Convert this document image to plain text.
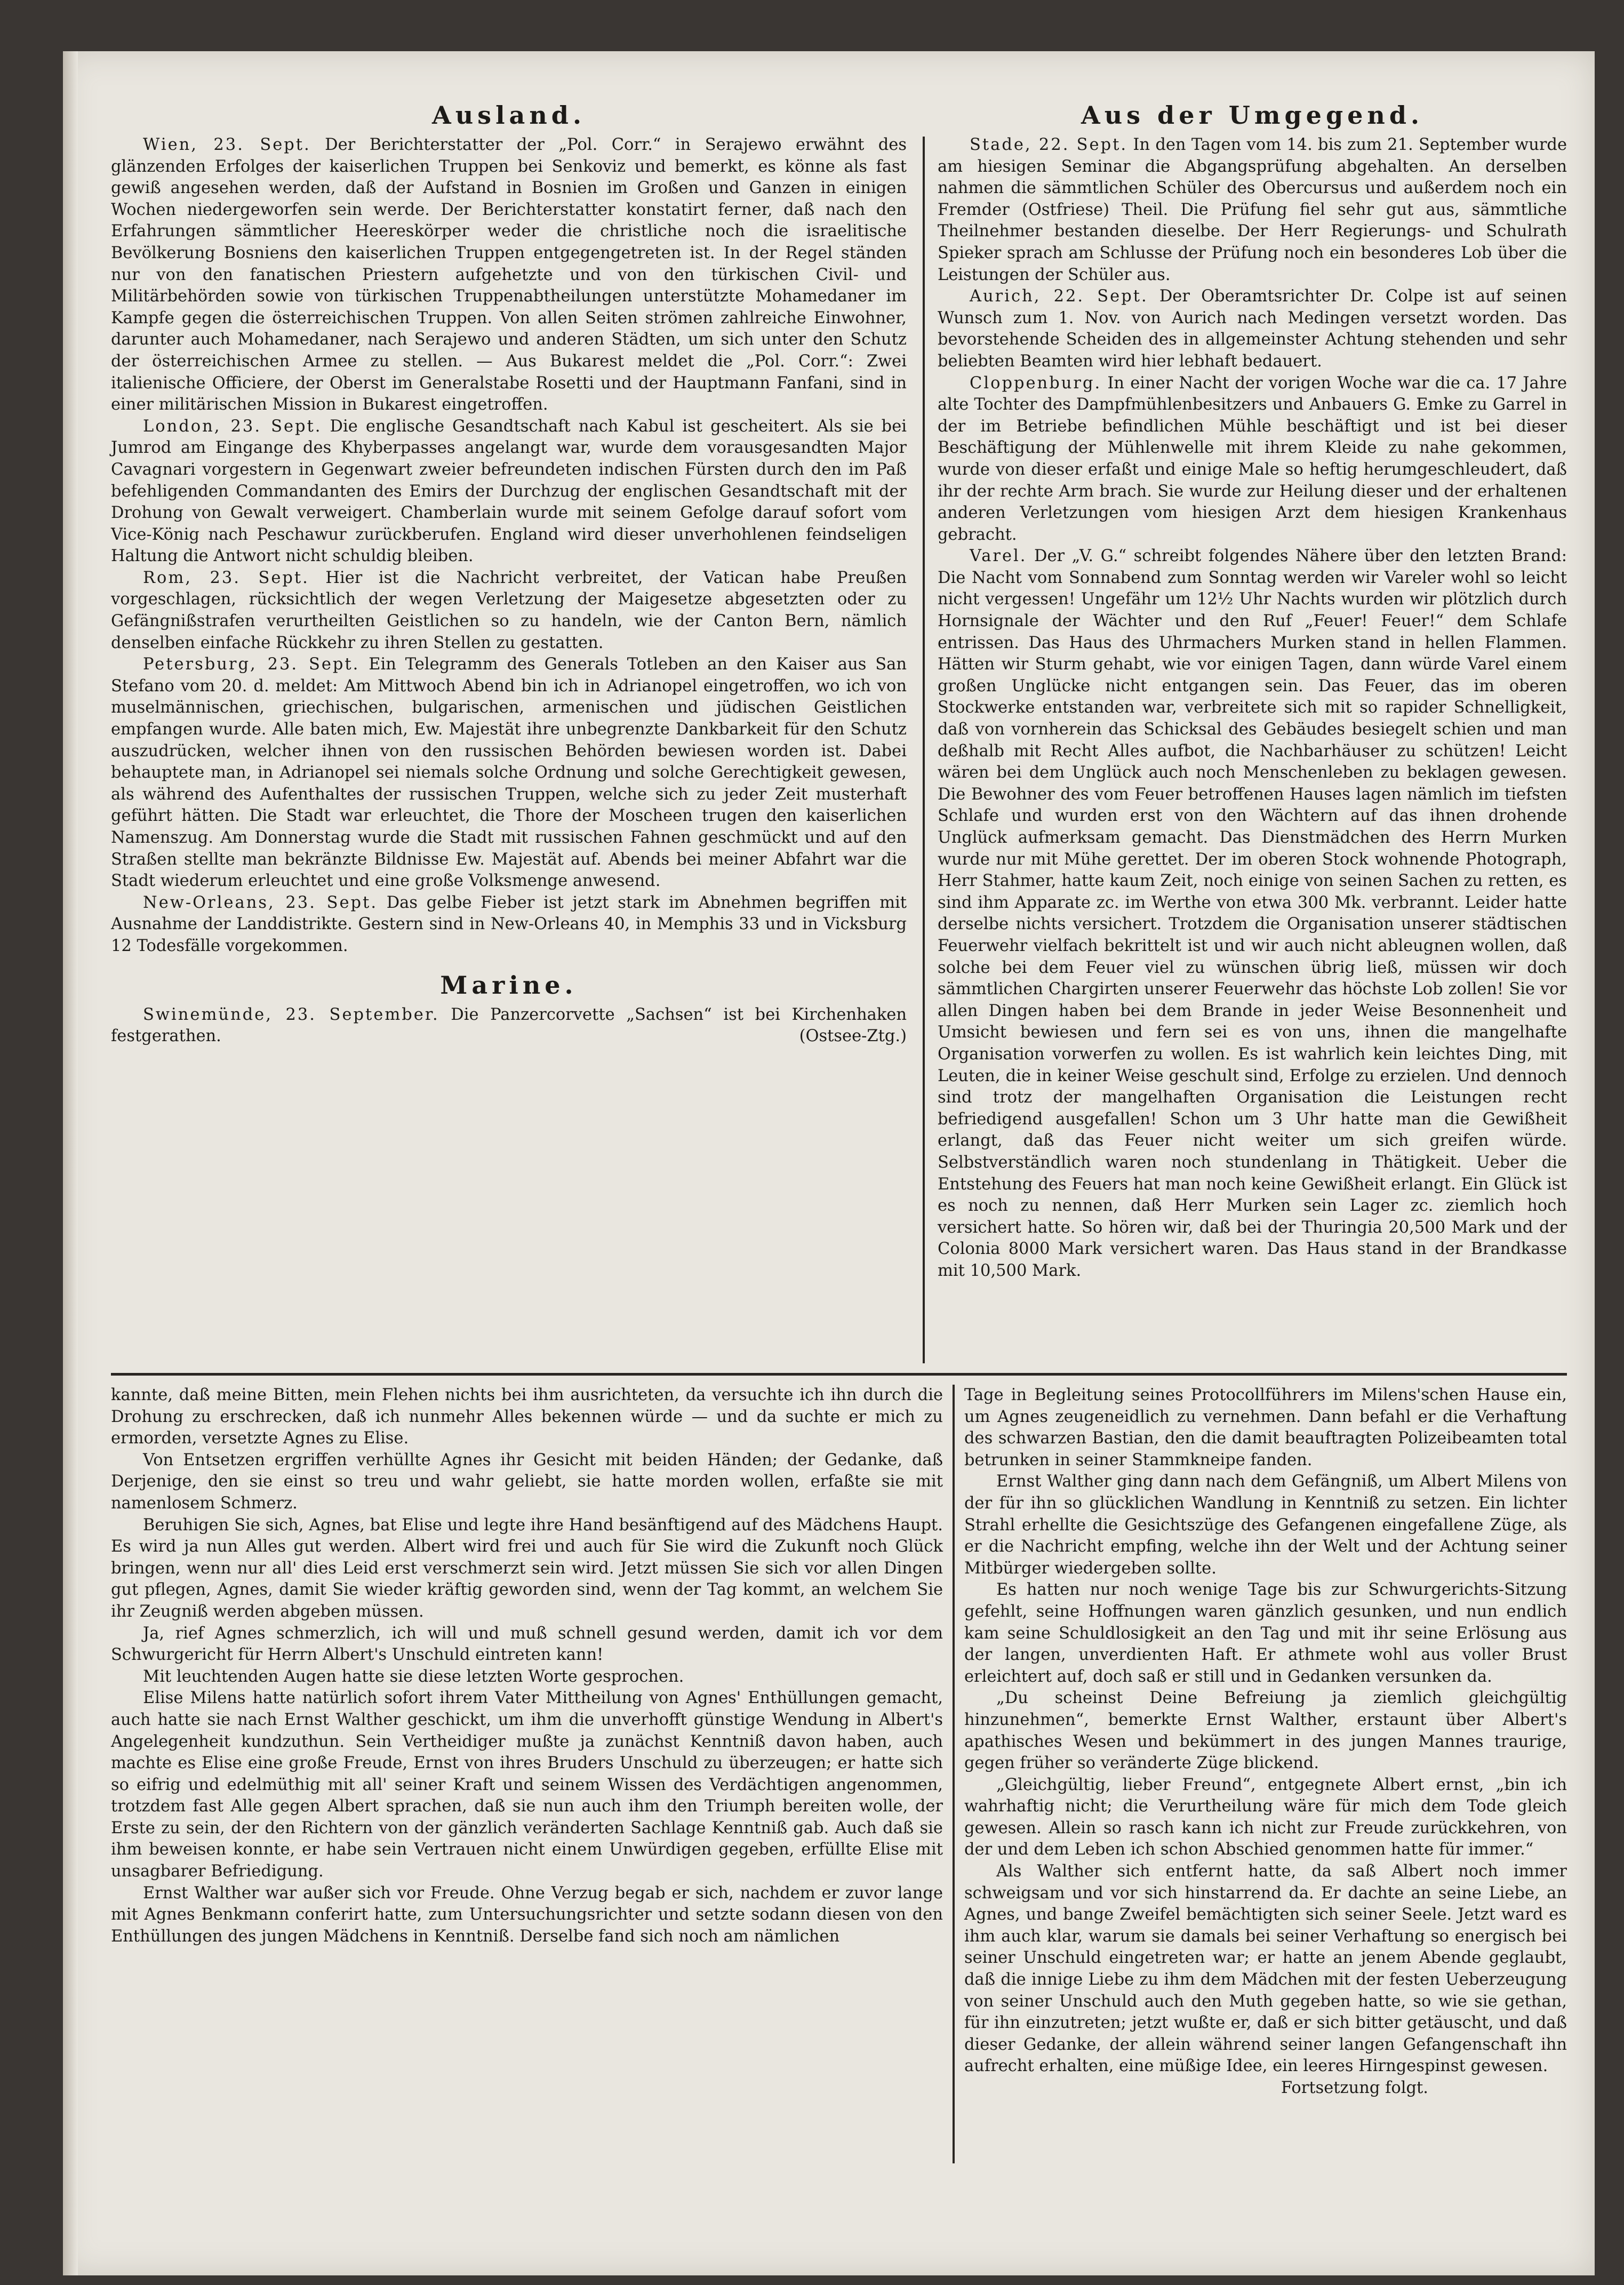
Ausland.

Wien, 23. Sept. Der Berichterstatter der „Pol. Corr.“ in Serajewo erwähnt des glänzenden Erfolges der kaiserlichen Truppen bei Senkoviz und bemerkt, es könne als fast gewiß angesehen werden, daß der Aufstand in Bosnien im Großen und Ganzen in einigen Wochen niedergeworfen sein werde. Der Berichterstatter konstatirt ferner, daß nach den Erfahrungen sämmtlicher Heereskörper weder die christliche noch die israelitische Bevölkerung Bosniens den kaiserlichen Truppen entgegengetreten ist. In der Regel ständen nur von den fanatischen Priestern aufgehetzte und von den türkischen Civil- und Militärbehörden sowie von türkischen Truppenabtheilungen unterstützte Mohamedaner im Kampfe gegen die österreichischen Truppen. Von allen Seiten strömen zahlreiche Einwohner, darunter auch Mohamedaner, nach Serajewo und anderen Städten, um sich unter den Schutz der österreichischen Armee zu stellen. — Aus Bukarest meldet die „Pol. Corr.“: Zwei italienische Officiere, der Oberst im Generalstabe Rosetti und der Hauptmann Fanfani, sind in einer militärischen Mission in Bukarest eingetroffen.

London, 23. Sept. Die englische Gesandtschaft nach Kabul ist gescheitert. Als sie bei Jumrod am Eingange des Khyberpasses angelangt war, wurde dem vorausgesandten Major Cavagnari vorgestern in Gegenwart zweier befreundeten indischen Fürsten durch den im Paß befehligenden Commandanten des Emirs der Durchzug der englischen Gesandtschaft mit der Drohung von Gewalt verweigert. Chamberlain wurde mit seinem Gefolge darauf sofort vom Vice-König nach Peschawur zurückberufen. England wird dieser unverhohlenen feindseligen Haltung die Antwort nicht schuldig bleiben.

Rom, 23. Sept. Hier ist die Nachricht verbreitet, der Vatican habe Preußen vorgeschlagen, rücksichtlich der wegen Verletzung der Maigesetze abgesetzten oder zu Gefängnißstrafen verurtheilten Geistlichen so zu handeln, wie der Canton Bern, nämlich denselben einfache Rückkehr zu ihren Stellen zu gestatten.

Petersburg, 23. Sept. Ein Telegramm des Generals Totleben an den Kaiser aus San Stefano vom 20. d. meldet: Am Mittwoch Abend bin ich in Adrianopel eingetroffen, wo ich von muselmännischen, griechischen, bulgarischen, armenischen und jüdischen Geistlichen empfangen wurde. Alle baten mich, Ew. Majestät ihre unbegrenzte Dankbarkeit für den Schutz auszudrücken, welcher ihnen von den russischen Behörden bewiesen worden ist. Dabei behauptete man, in Adrianopel sei niemals solche Ordnung und solche Gerechtigkeit gewesen, als während des Aufenthaltes der russischen Truppen, welche sich zu jeder Zeit musterhaft geführt hätten. Die Stadt war erleuchtet, die Thore der Moscheen trugen den kaiserlichen Namenszug. Am Donnerstag wurde die Stadt mit russischen Fahnen geschmückt und auf den Straßen stellte man bekränzte Bildnisse Ew. Majestät auf. Abends bei meiner Abfahrt war die Stadt wiederum erleuchtet und eine große Volksmenge anwesend.

New-Orleans, 23. Sept. Das gelbe Fieber ist jetzt stark im Abnehmen begriffen mit Ausnahme der Landdistrikte. Gestern sind in New-Orleans 40, in Memphis 33 und in Vicksburg 12 Todesfälle vorgekommen.

Marine.

Swinemünde, 23. September. Die Panzercorvette „Sachsen“ ist bei Kirchenhaken festgerathen.	(Ostsee-Ztg.)

Aus der Umgegend.

Stade, 22. Sept. In den Tagen vom 14. bis zum 21. September wurde am hiesigen Seminar die Abgangsprüfung abgehalten. An derselben nahmen die sämmtlichen Schüler des Obercursus und außerdem noch ein Fremder (Ostfriese) Theil. Die Prüfung fiel sehr gut aus, sämmtliche Theilnehmer bestanden dieselbe. Der Herr Regierungs- und Schulrath Spieker sprach am Schlusse der Prüfung noch ein besonderes Lob über die Leistungen der Schüler aus.

Aurich, 22. Sept. Der Oberamtsrichter Dr. Colpe ist auf seinen Wunsch zum 1. Nov. von Aurich nach Medingen versetzt worden. Das bevorstehende Scheiden des in allgemeinster Achtung stehenden und sehr beliebten Beamten wird hier lebhaft bedauert.

Cloppenburg. In einer Nacht der vorigen Woche war die ca. 17 Jahre alte Tochter des Dampfmühlenbesitzers und Anbauers G. Emke zu Garrel in der im Betriebe befindlichen Mühle beschäftigt und ist bei dieser Beschäftigung der Mühlenwelle mit ihrem Kleide zu nahe gekommen, wurde von dieser erfaßt und einige Male so heftig herumgeschleudert, daß ihr der rechte Arm brach. Sie wurde zur Heilung dieser und der erhaltenen anderen Verletzungen vom hiesigen Arzt dem hiesigen Krankenhaus gebracht.

Varel. Der „V. G.“ schreibt folgendes Nähere über den letzten Brand: Die Nacht vom Sonnabend zum Sonntag werden wir Vareler wohl so leicht nicht vergessen! Ungefähr um 12½ Uhr Nachts wurden wir plötzlich durch Hornsignale der Wächter und den Ruf „Feuer! Feuer!“ dem Schlafe entrissen. Das Haus des Uhrmachers Murken stand in hellen Flammen. Hätten wir Sturm gehabt, wie vor einigen Tagen, dann würde Varel einem großen Unglücke nicht entgangen sein. Das Feuer, das im oberen Stockwerke entstanden war, verbreitete sich mit so rapider Schnelligkeit, daß von vornherein das Schicksal des Gebäudes besiegelt schien und man deßhalb mit Recht Alles aufbot, die Nachbarhäuser zu schützen! Leicht wären bei dem Unglück auch noch Menschenleben zu beklagen gewesen. Die Bewohner des vom Feuer betroffenen Hauses lagen nämlich im tiefsten Schlafe und wurden erst von den Wächtern auf das ihnen drohende Unglück aufmerksam gemacht. Das Dienstmädchen des Herrn Murken wurde nur mit Mühe gerettet. Der im oberen Stock wohnende Photograph, Herr Stahmer, hatte kaum Zeit, noch einige von seinen Sachen zu retten, es sind ihm Apparate zc. im Werthe von etwa 300 Mk. verbrannt. Leider hatte derselbe nichts versichert. Trotzdem die Organisation unserer städtischen Feuerwehr vielfach bekrittelt ist und wir auch nicht ableugnen wollen, daß solche bei dem Feuer viel zu wünschen übrig ließ, müssen wir doch sämmtlichen Chargirten unserer Feuerwehr das höchste Lob zollen! Sie vor allen Dingen haben bei dem Brande in jeder Weise Besonnenheit und Umsicht bewiesen und fern sei es von uns, ihnen die mangelhafte Organisation vorwerfen zu wollen. Es ist wahrlich kein leichtes Ding, mit Leuten, die in keiner Weise geschult sind, Erfolge zu erzielen. Und dennoch sind trotz der mangelhaften Organisation die Leistungen recht befriedigend ausgefallen! Schon um 3 Uhr hatte man die Gewißheit erlangt, daß das Feuer nicht weiter um sich greifen würde. Selbstverständlich waren noch stundenlang in Thätigkeit. Ueber die Entstehung des Feuers hat man noch keine Gewißheit erlangt. Ein Glück ist es noch zu nennen, daß Herr Murken sein Lager zc. ziemlich hoch versichert hatte. So hören wir, daß bei der Thuringia 20,500 Mark und der Colonia 8000 Mark versichert waren. Das Haus stand in der Brandkasse mit 10,500 Mark.

kannte, daß meine Bitten, mein Flehen nichts bei ihm ausrichteten, da versuchte ich ihn durch die Drohung zu erschrecken, daß ich nunmehr Alles bekennen würde — und da suchte er mich zu ermorden, versetzte Agnes zu Elise.

Von Entsetzen ergriffen verhüllte Agnes ihr Gesicht mit beiden Händen; der Gedanke, daß Derjenige, den sie einst so treu und wahr geliebt, sie hatte morden wollen, erfaßte sie mit namenlosem Schmerz.

Beruhigen Sie sich, Agnes, bat Elise und legte ihre Hand besänftigend auf des Mädchens Haupt. Es wird ja nun Alles gut werden. Albert wird frei und auch für Sie wird die Zukunft noch Glück bringen, wenn nur all' dies Leid erst verschmerzt sein wird. Jetzt müssen Sie sich vor allen Dingen gut pflegen, Agnes, damit Sie wieder kräftig geworden sind, wenn der Tag kommt, an welchem Sie ihr Zeugniß werden abgeben müssen.

Ja, rief Agnes schmerzlich, ich will und muß schnell gesund werden, damit ich vor dem Schwurgericht für Herrn Albert's Unschuld eintreten kann!

Mit leuchtenden Augen hatte sie diese letzten Worte gesprochen.

Elise Milens hatte natürlich sofort ihrem Vater Mittheilung von Agnes' Enthüllungen gemacht, auch hatte sie nach Ernst Walther geschickt, um ihm die unverhofft günstige Wendung in Albert's Angelegenheit kundzuthun. Sein Vertheidiger mußte ja zunächst Kenntniß davon haben, auch machte es Elise eine große Freude, Ernst von ihres Bruders Unschuld zu überzeugen; er hatte sich so eifrig und edelmüthig mit all' seiner Kraft und seinem Wissen des Verdächtigen angenommen, trotzdem fast Alle gegen Albert sprachen, daß sie nun auch ihm den Triumph bereiten wolle, der Erste zu sein, der den Richtern von der gänzlich veränderten Sachlage Kenntniß gab. Auch daß sie ihm beweisen konnte, er habe sein Vertrauen nicht einem Unwürdigen gegeben, erfüllte Elise mit unsagbarer Befriedigung.

Ernst Walther war außer sich vor Freude. Ohne Verzug begab er sich, nachdem er zuvor lange mit Agnes Benkmann conferirt hatte, zum Untersuchungsrichter und setzte sodann diesen von den Enthüllungen des jungen Mädchens in Kenntniß. Derselbe fand sich noch am nämlichen

Tage in Begleitung seines Protocollführers im Milens'schen Hause ein, um Agnes zeugeneidlich zu vernehmen. Dann befahl er die Verhaftung des schwarzen Bastian, den die damit beauftragten Polizeibeamten total betrunken in seiner Stammkneipe fanden.

Ernst Walther ging dann nach dem Gefängniß, um Albert Milens von der für ihn so glücklichen Wandlung in Kenntniß zu setzen. Ein lichter Strahl erhellte die Gesichtszüge des Gefangenen eingefallene Züge, als er die Nachricht empfing, welche ihn der Welt und der Achtung seiner Mitbürger wiedergeben sollte.

Es hatten nur noch wenige Tage bis zur Schwurgerichts-Sitzung gefehlt, seine Hoffnungen waren gänzlich gesunken, und nun endlich kam seine Schuldlosigkeit an den Tag und mit ihr seine Erlösung aus der langen, unverdienten Haft. Er athmete wohl aus voller Brust erleichtert auf, doch saß er still und in Gedanken versunken da.

„Du scheinst Deine Befreiung ja ziemlich gleichgültig hinzunehmen“, bemerkte Ernst Walther, erstaunt über Albert's apathisches Wesen und bekümmert in des jungen Mannes traurige, gegen früher so veränderte Züge blickend.

„Gleichgültig, lieber Freund“, entgegnete Albert ernst, „bin ich wahrhaftig nicht; die Verurtheilung wäre für mich dem Tode gleich gewesen. Allein so rasch kann ich nicht zur Freude zurückkehren, von der und dem Leben ich schon Abschied genommen hatte für immer.“

Als Walther sich entfernt hatte, da saß Albert noch immer schweigsam und vor sich hinstarrend da. Er dachte an seine Liebe, an Agnes, und bange Zweifel bemächtigten sich seiner Seele. Jetzt ward es ihm auch klar, warum sie damals bei seiner Verhaftung so energisch bei seiner Unschuld eingetreten war; er hatte an jenem Abende geglaubt, daß die innige Liebe zu ihm dem Mädchen mit der festen Ueberzeugung von seiner Unschuld auch den Muth gegeben hatte, so wie sie gethan, für ihn einzutreten; jetzt wußte er, daß er sich bitter getäuscht, und daß dieser Gedanke, der allein während seiner langen Gefangenschaft ihn aufrecht erhalten, eine müßige Idee, ein leeres Hirngespinst gewesen.

Fortsetzung folgt.
